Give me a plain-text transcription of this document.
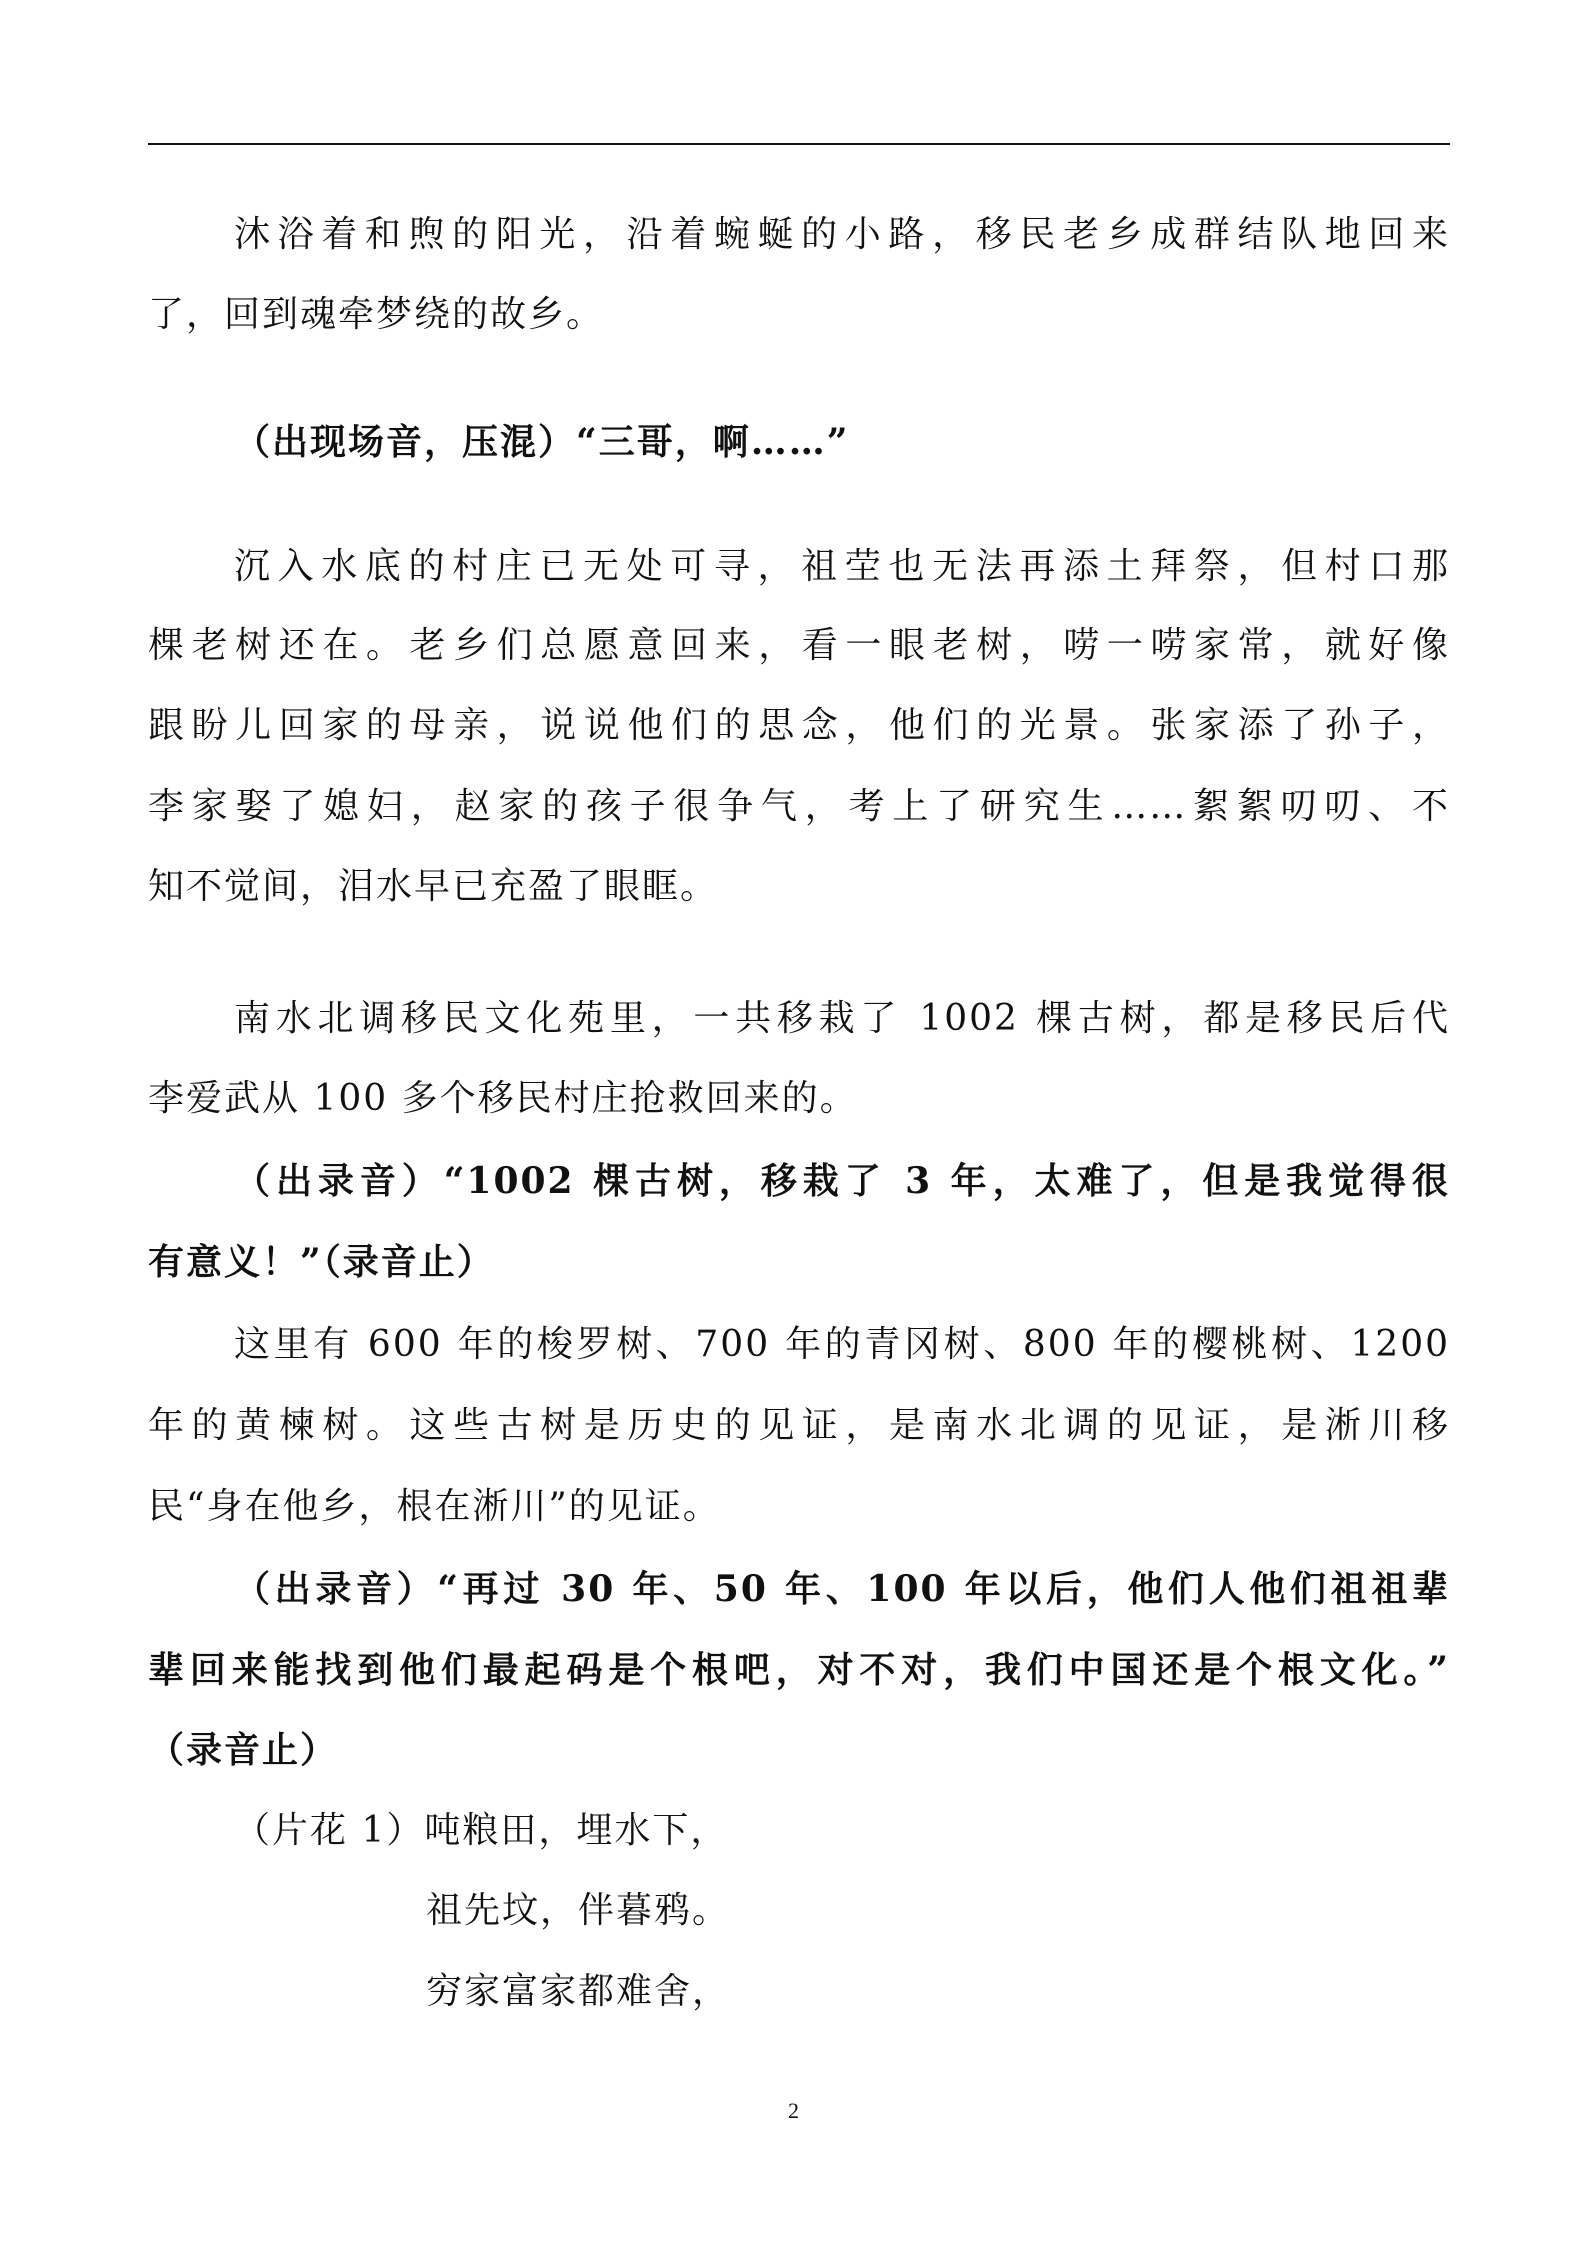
沐浴着和煦的阳光，沿着蜿蜒的小路，移民老乡成群结队地回来
了，回到魂牵梦绕的故乡。
（出现场音，压混）“三哥，啊……”
沉入水底的村庄已无处可寻，祖茔也无法再添土拜祭，但村口那
棵老树还在。老乡们总愿意回来，看一眼老树，唠一唠家常，就好像
跟盼儿回家的母亲，说说他们的思念，他们的光景。张家添了孙子，
李家娶了媳妇，赵家的孩子很争气，考上了研究生……絮絮叨叨、不
知不觉间，泪水早已充盈了眼眶。
南水北调移民文化苑里，一共移栽了 1002 棵古树，都是移民后代
李爱武从 100 多个移民村庄抢救回来的。
（出录音）“1002 棵古树，移栽了 3 年，太难了，但是我觉得很
有意义！”（录音止）
这里有 600 年的梭罗树、700 年的青冈树、800 年的樱桃树、1200
年的黄楝树。这些古树是历史的见证，是南水北调的见证，是淅川移
民“身在他乡，根在淅川”的见证。
（出录音）“再过 30 年、50 年、100 年以后，他们人他们祖祖辈
辈回来能找到他们最起码是个根吧，对不对，我们中国还是个根文化。”
（录音止）
（片花 1）吨粮田，埋水下，
祖先坟，伴暮鸦。
穷家富家都难舍，
2
